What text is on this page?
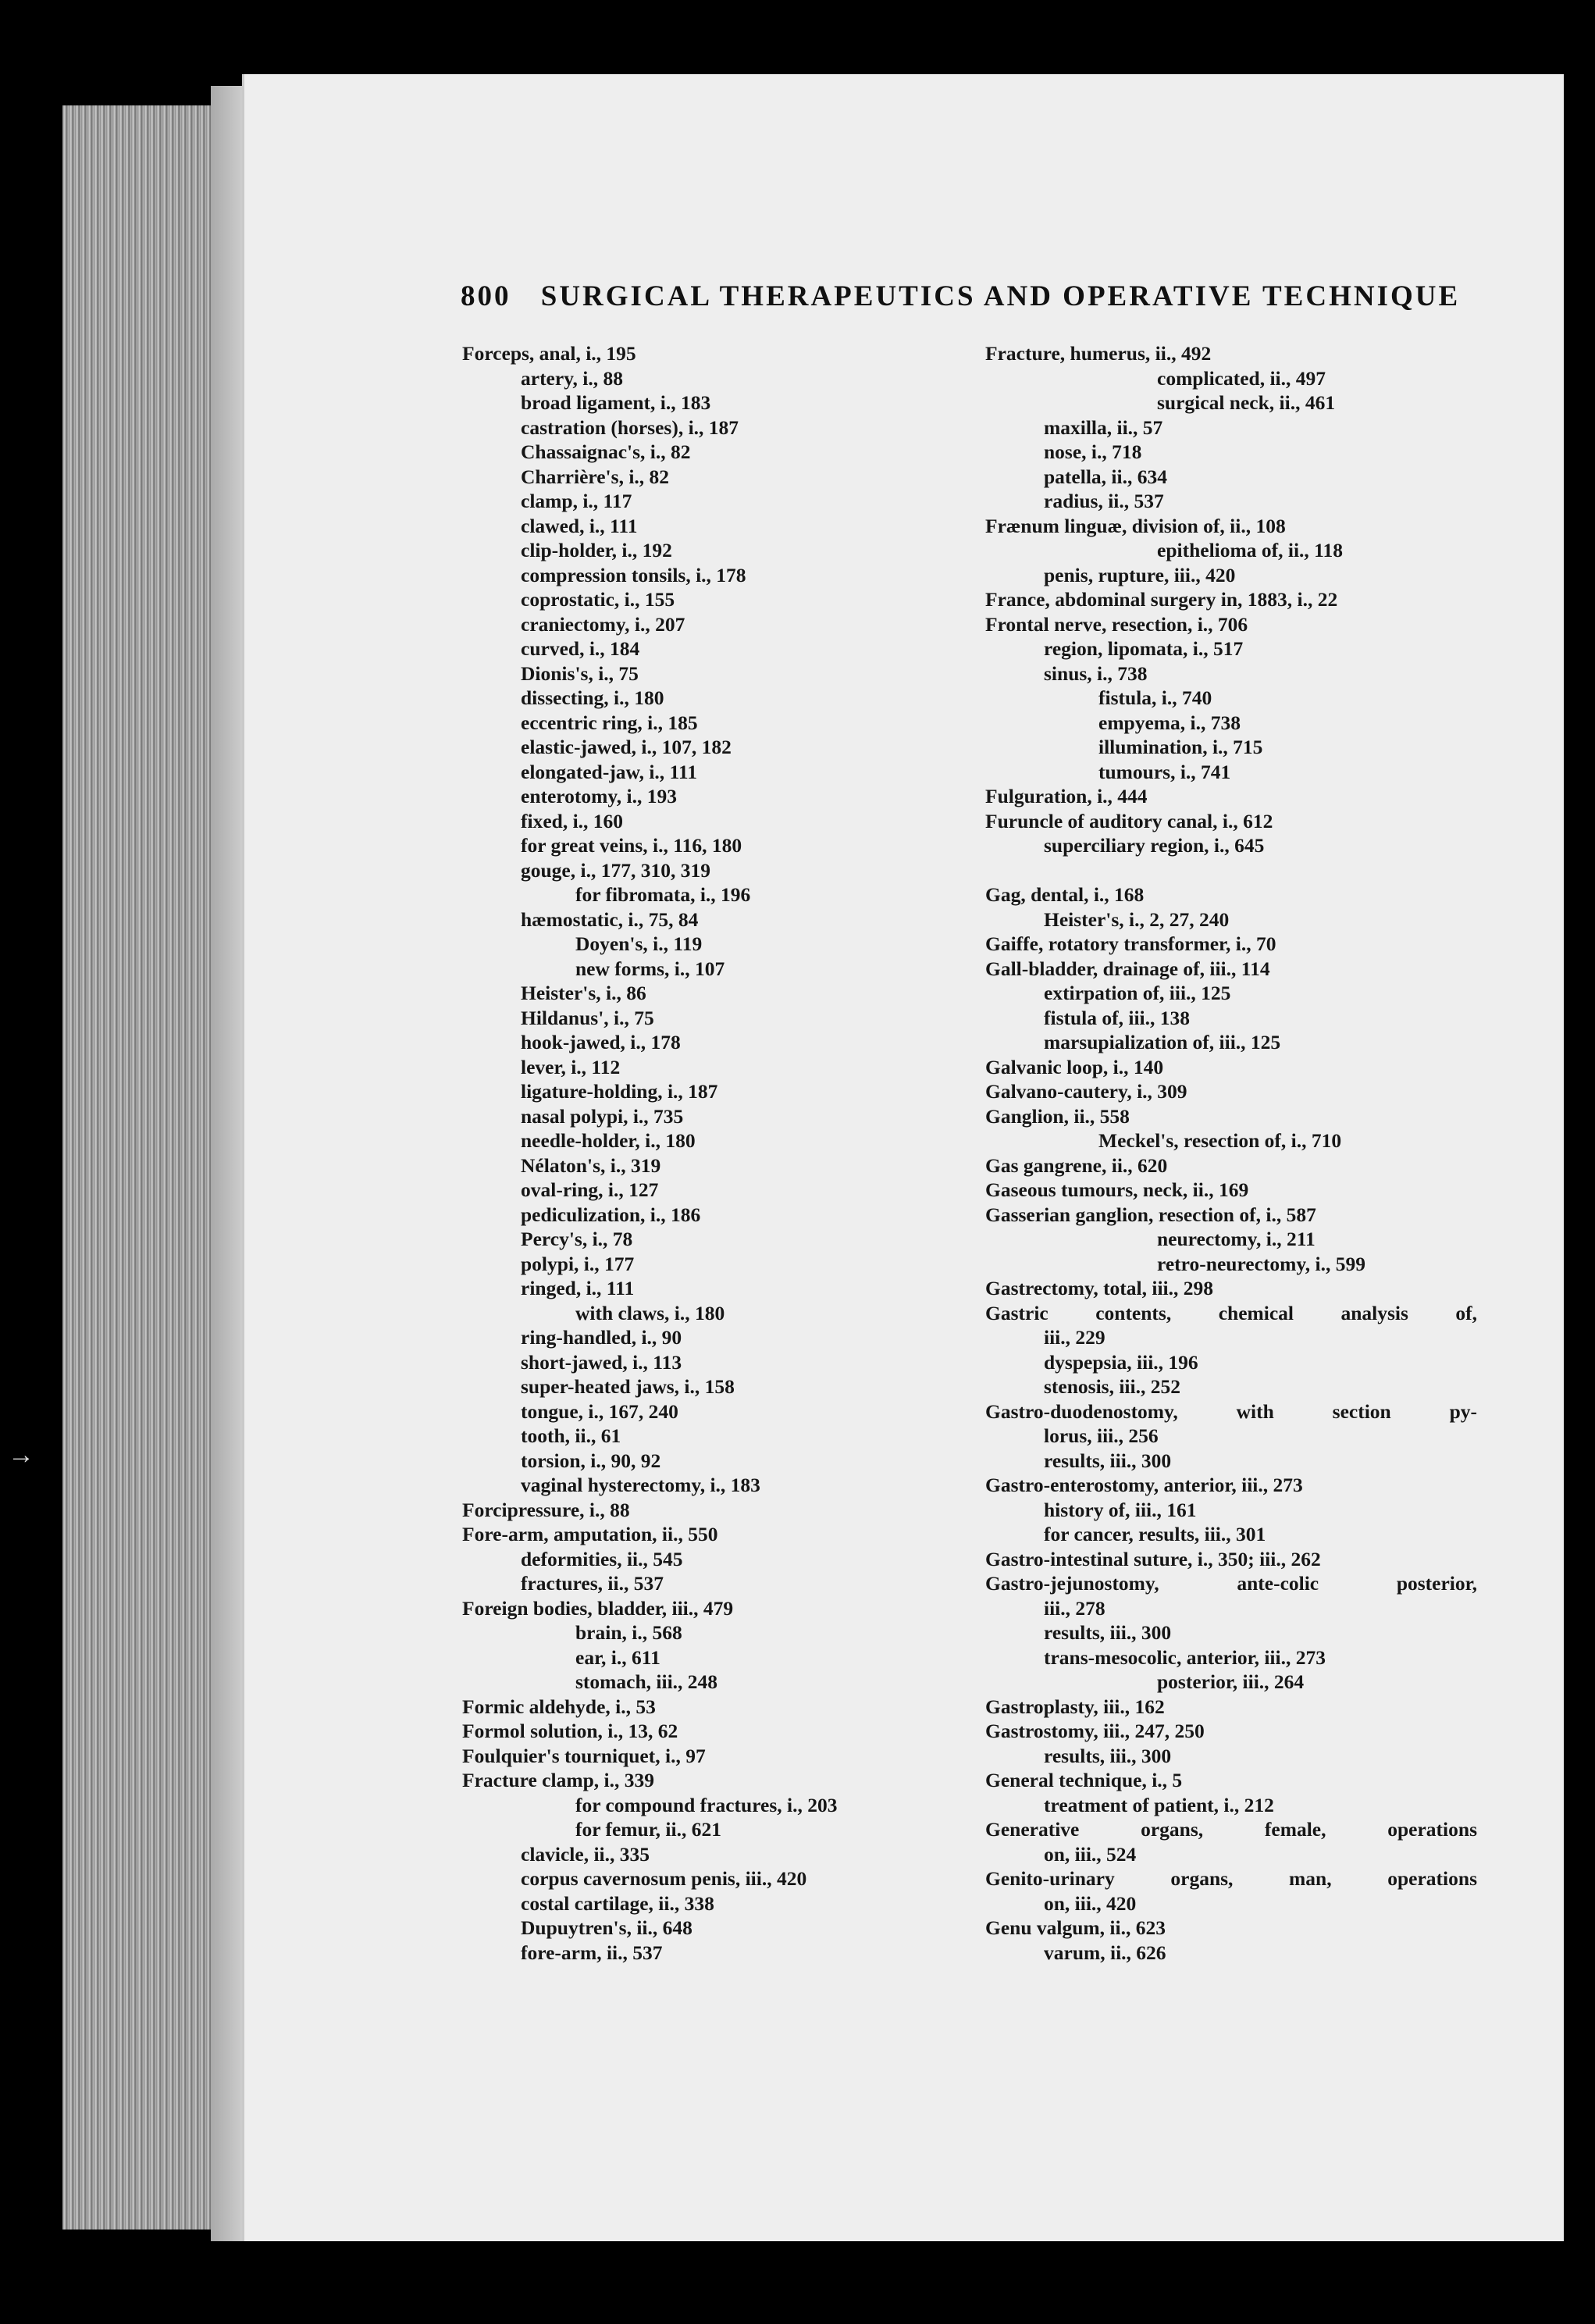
→
800 SURGICAL THERAPEUTICS AND OPERATIVE TECHNIQUE
Forceps, anal, i., 195
artery, i., 88
broad ligament, i., 183
castration (horses), i., 187
Chassaignac's, i., 82
Charrière's, i., 82
clamp, i., 117
clawed, i., 111
clip-holder, i., 192
compression tonsils, i., 178
coprostatic, i., 155
craniectomy, i., 207
curved, i., 184
Dionis's, i., 75
dissecting, i., 180
eccentric ring, i., 185
elastic-jawed, i., 107, 182
elongated-jaw, i., 111
enterotomy, i., 193
fixed, i., 160
for great veins, i., 116, 180
gouge, i., 177, 310, 319
for fibromata, i., 196
hæmostatic, i., 75, 84
Doyen's, i., 119
new forms, i., 107
Heister's, i., 86
Hildanus', i., 75
hook-jawed, i., 178
lever, i., 112
ligature-holding, i., 187
nasal polypi, i., 735
needle-holder, i., 180
Nélaton's, i., 319
oval-ring, i., 127
pediculization, i., 186
Percy's, i., 78
polypi, i., 177
ringed, i., 111
with claws, i., 180
ring-handled, i., 90
short-jawed, i., 113
super-heated jaws, i., 158
tongue, i., 167, 240
tooth, ii., 61
torsion, i., 90, 92
vaginal hysterectomy, i., 183
Forcipressure, i., 88
Fore-arm, amputation, ii., 550
deformities, ii., 545
fractures, ii., 537
Foreign bodies, bladder, iii., 479
brain, i., 568
ear, i., 611
stomach, iii., 248
Formic aldehyde, i., 53
Formol solution, i., 13, 62
Foulquier's tourniquet, i., 97
Fracture clamp, i., 339
for compound fractures, i., 203
for femur, ii., 621
clavicle, ii., 335
corpus cavernosum penis, iii., 420
costal cartilage, ii., 338
Dupuytren's, ii., 648
fore-arm, ii., 537
Fracture, humerus, ii., 492
complicated, ii., 497
surgical neck, ii., 461
maxilla, ii., 57
nose, i., 718
patella, ii., 634
radius, ii., 537
Frænum linguæ, division of, ii., 108
epithelioma of, ii., 118
penis, rupture, iii., 420
France, abdominal surgery in, 1883, i., 22
Frontal nerve, resection, i., 706
region, lipomata, i., 517
sinus, i., 738
fistula, i., 740
empyema, i., 738
illumination, i., 715
tumours, i., 741
Fulguration, i., 444
Furuncle of auditory canal, i., 612
superciliary region, i., 645
Gag, dental, i., 168
Heister's, i., 2, 27, 240
Gaiffe, rotatory transformer, i., 70
Gall-bladder, drainage of, iii., 114
extirpation of, iii., 125
fistula of, iii., 138
marsupialization of, iii., 125
Galvanic loop, i., 140
Galvano-cautery, i., 309
Ganglion, ii., 558
Meckel's, resection of, i., 710
Gas gangrene, ii., 620
Gaseous tumours, neck, ii., 169
Gasserian ganglion, resection of, i., 587
neurectomy, i., 211
retro-neurectomy, i., 599
Gastrectomy, total, iii., 298
Gastric contents, chemical analysis of,
iii., 229
dyspepsia, iii., 196
stenosis, iii., 252
Gastro-duodenostomy, with section py-
lorus, iii., 256
results, iii., 300
Gastro-enterostomy, anterior, iii., 273
history of, iii., 161
for cancer, results, iii., 301
Gastro-intestinal suture, i., 350; iii., 262
Gastro-jejunostomy, ante-colic posterior,
iii., 278
results, iii., 300
trans-mesocolic, anterior, iii., 273
posterior, iii., 264
Gastroplasty, iii., 162
Gastrostomy, iii., 247, 250
results, iii., 300
General technique, i., 5
treatment of patient, i., 212
Generative organs, female, operations
on, iii., 524
Genito-urinary organs, man, operations
on, iii., 420
Genu valgum, ii., 623
varum, ii., 626
